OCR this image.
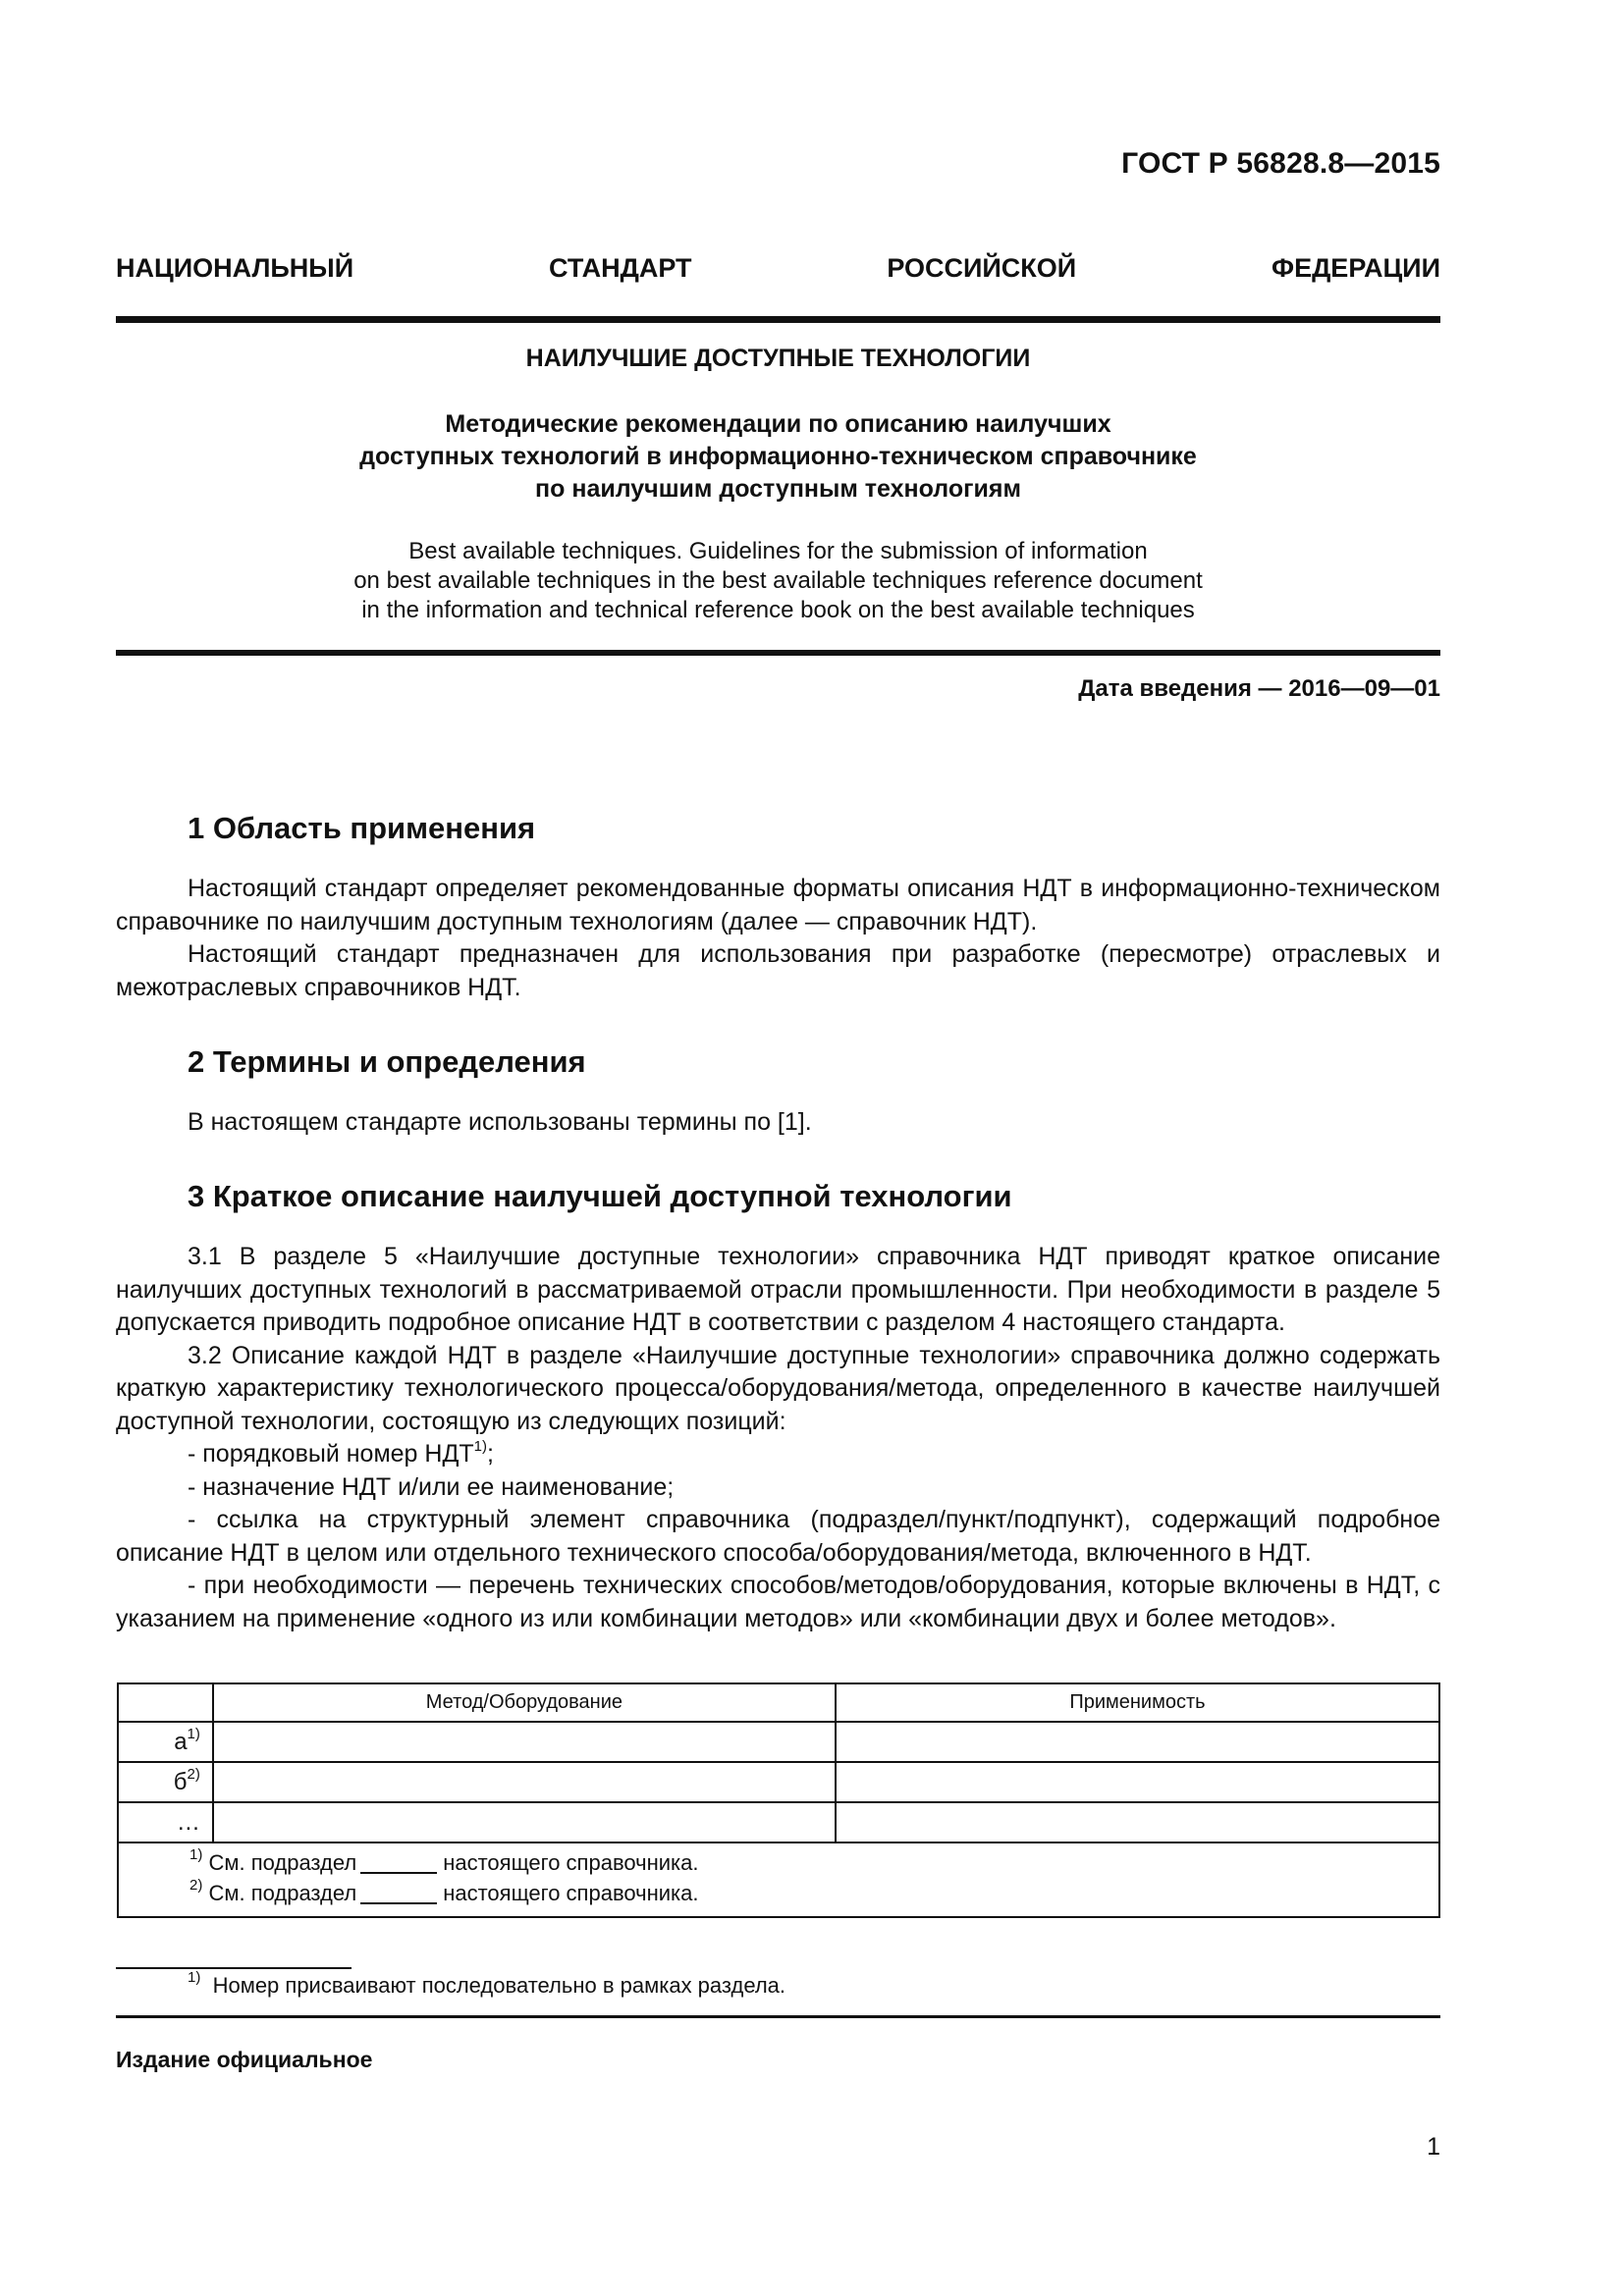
ГОСТ Р 56828.8—2015
НАЦИОНАЛЬНЫЙ СТАНДАРТ РОССИЙСКОЙ ФЕДЕРАЦИИ
НАИЛУЧШИЕ ДОСТУПНЫЕ ТЕХНОЛОГИИ
Методические рекомендации по описанию наилучших
доступных технологий в информационно-техническом справочнике
по наилучшим доступным технологиям
Best available techniques. Guidelines for the submission of information
on best available techniques in the best available techniques reference document
in the information and technical reference book on the best available techniques
Дата введения — 2016—09—01
1 Область применения

Настоящий стандарт определяет рекомендованные форматы описания НДТ в информационно-техническом справочнике по наилучшим доступным технологиям (далее — справочник НДТ).

Настоящий стандарт предназначен для использования при разработке (пересмотре) отраслевых и межотраслевых справочников НДТ.

2 Термины и определения

В настоящем стандарте использованы термины по [1].

3 Краткое описание наилучшей доступной технологии

3.1 В разделе 5 «Наилучшие доступные технологии» справочника НДТ приводят краткое описание наилучших доступных технологий в рассматриваемой отрасли промышленности. При необходимости в разделе 5 допускается приводить подробное описание НДТ в соответствии с разделом 4 настоящего стандарта.

3.2 Описание каждой НДТ в разделе «Наилучшие доступные технологии» справочника должно содержать краткую характеристику технологического процесса/оборудования/метода, определенного в качестве наилучшей доступной технологии, состоящую из следующих позиций:

- порядковый номер НДТ$^{1)}$;

- назначение НДТ и/или ее наименование;

- ссылка на структурный элемент справочника (подраздел/пункт/подпункт), содержащий подробное описание НДТ в целом или отдельного технического способа/оборудования/метода, включенного в НДТ.

- при необходимости — перечень технических способов/методов/оборудования, которые включены в НДТ, с указанием на применение «одного из или комбинации методов» или «комбинации двух и более методов».

	Метод/Оборудование	Применимость
$а^{1)}$		
$б^{2)}$		
…		

$^{1)}$ См. подраздел настоящего справочника.
$^{2)}$ См. подраздел настоящего справочника.		
$^{1)}$ Номер присваивают последовательно в рамках раздела.
Издание официальное
1
